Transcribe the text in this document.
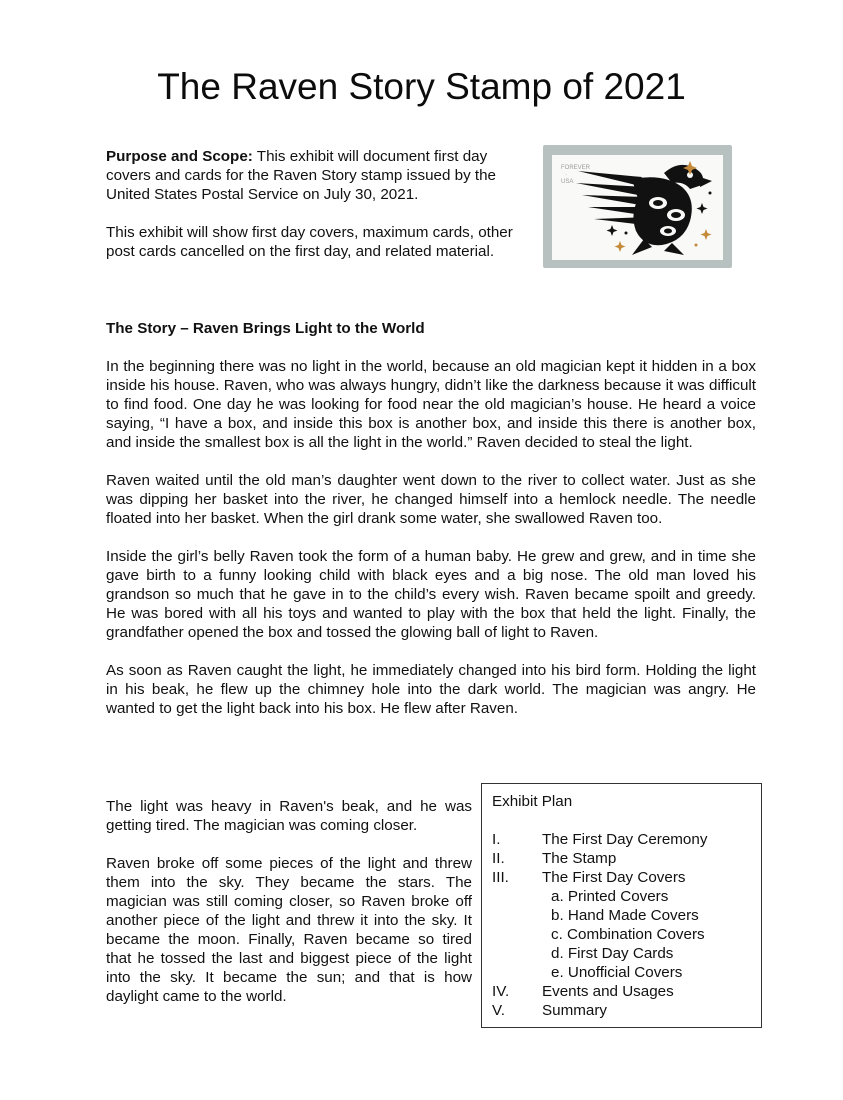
The Raven Story Stamp of 2021

Purpose and Scope: This exhibit will document first day covers and cards for the Raven Story stamp issued by the United States Postal Service on July 30, 2021.

This exhibit will show first day covers, maximum cards, other post cards cancelled on the first day, and related material.

FOREVER · USA
The Story – Raven Brings Light to the World

In the beginning there was no light in the world, because an old magician kept it hidden in a box inside his house. Raven, who was always hungry, didn’t like the darkness because it was difficult to find food. One day he was looking for food near the old magician’s house. He heard a voice saying, “I have a box, and inside this box is another box, and inside this there is another box, and inside the smallest box is all the light in the world.” Raven decided to steal the light.

Raven waited until the old man’s daughter went down to the river to collect water. Just as she was dipping her basket into the river, he changed himself into a hemlock needle. The needle floated into her basket. When the girl drank some water, she swallowed Raven too.

Inside the girl’s belly Raven took the form of a human baby. He grew and grew, and in time she gave birth to a funny looking child with black eyes and a big nose. The old man loved his grandson so much that he gave in to the child’s every wish. Raven became spoilt and greedy. He was bored with all his toys and wanted to play with the box that held the light. Finally, the grandfather opened the box and tossed the glowing ball of light to Raven.

As soon as Raven caught the light, he immediately changed into his bird form. Holding the light in his beak, he flew up the chimney hole into the dark world. The magician was angry. He wanted to get the light back into his box. He flew after Raven.

The light was heavy in Raven's beak, and he was getting tired. The magician was coming closer.

Raven broke off some pieces of the light and threw them into the sky. They became the stars. The magician was still coming closer, so Raven broke off another piece of the light and threw it into the sky. It became the moon. Finally, Raven became so tired that he tossed the last and biggest piece of the light into the sky. It became the sun; and that is how daylight came to the world.

Exhibit Plan
I.	The First Day Ceremony
II. The Stamp
III. The First Day Covers
a. Printed Covers
b. Hand Made Covers
c. Combination Covers
d. First Day Cards
e. Unofficial Covers
IV. Events and Usages
V. Summary
